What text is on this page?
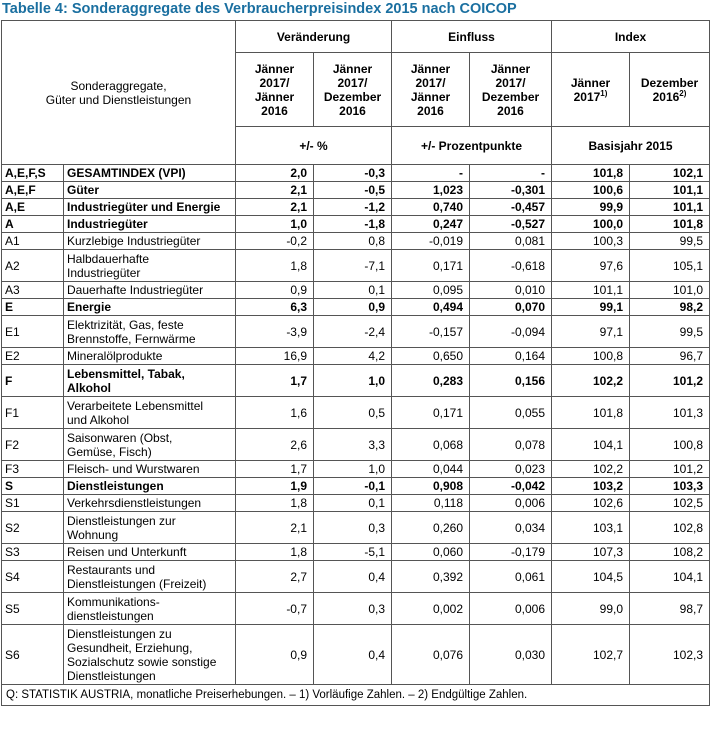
Tabelle 4: Sonderaggregate des Verbraucherpreisindex 2015 nach COICOP
Sonderaggregate,
Güter und Dienstleistungen		Veränderung		Einfluss		Index	
		Jänner
2017/
Jänner
2016	Jänner
2017/
Dezember
2016	Jänner
2017/
Jänner
2016	Jänner
2017/
Dezember
2016	Jänner
2017$^{1)}$	Dezember
2016$^{2)}$
		+/- %		+/- Prozentpunkte		Basisjahr 2015	
A,E,F,S	GESAMTINDEX (VPI)	2,0	-0,3	-	-	101,8	102,1
A,E,F	Güter	2,1	-0,5	1,023	-0,301	100,6	101,1
A,E	Industriegüter und Energie	2,1	-1,2	0,740	-0,457	99,9	101,1
A	Industriegüter	1,0	-1,8	0,247	-0,527	100,0	101,8
A1	Kurzlebige Industriegüter	-0,2	0,8	-0,019	0,081	100,3	99,5
A2	Halbdauerhafte
Industriegüter	1,8	-7,1	0,171	-0,618	97,6	105,1
A3	Dauerhafte Industriegüter	0,9	0,1	0,095	0,010	101,1	101,0
E	Energie	6,3	0,9	0,494	0,070	99,1	98,2
E1	Elektrizität, Gas, feste
Brennstoffe, Fernwärme	-3,9	-2,4	-0,157	-0,094	97,1	99,5
E2	Mineralölprodukte	16,9	4,2	0,650	0,164	100,8	96,7
F	Lebensmittel, Tabak,
Alkohol	1,7	1,0	0,283	0,156	102,2	101,2
F1	Verarbeitete Lebensmittel
und Alkohol	1,6	0,5	0,171	0,055	101,8	101,3
F2	Saisonwaren (Obst,
Gemüse, Fisch)	2,6	3,3	0,068	0,078	104,1	100,8
F3	Fleisch- und Wurstwaren	1,7	1,0	0,044	0,023	102,2	101,2
S	Dienstleistungen	1,9	-0,1	0,908	-0,042	103,2	103,3
S1	Verkehrsdienstleistungen	1,8	0,1	0,118	0,006	102,6	102,5
S2	Dienstleistungen zur
Wohnung	2,1	0,3	0,260	0,034	103,1	102,8
S3	Reisen und Unterkunft	1,8	-5,1	0,060	-0,179	107,3	108,2
S4	Restaurants und
Dienstleistungen (Freizeit)	2,7	0,4	0,392	0,061	104,5	104,1
S5	Kommunikations-
dienstleistungen	-0,7	0,3	0,002	0,006	99,0	98,7
S6	Dienstleistungen zu
Gesundheit, Erziehung,
Sozialschutz sowie sonstige
Dienstleistungen	0,9	0,4	0,076	0,030	102,7	102,3
Q: STATISTIK AUSTRIA, monatliche Preiserhebungen. – 1) Vorläufige Zahlen. – 2) Endgültige Zahlen.							
